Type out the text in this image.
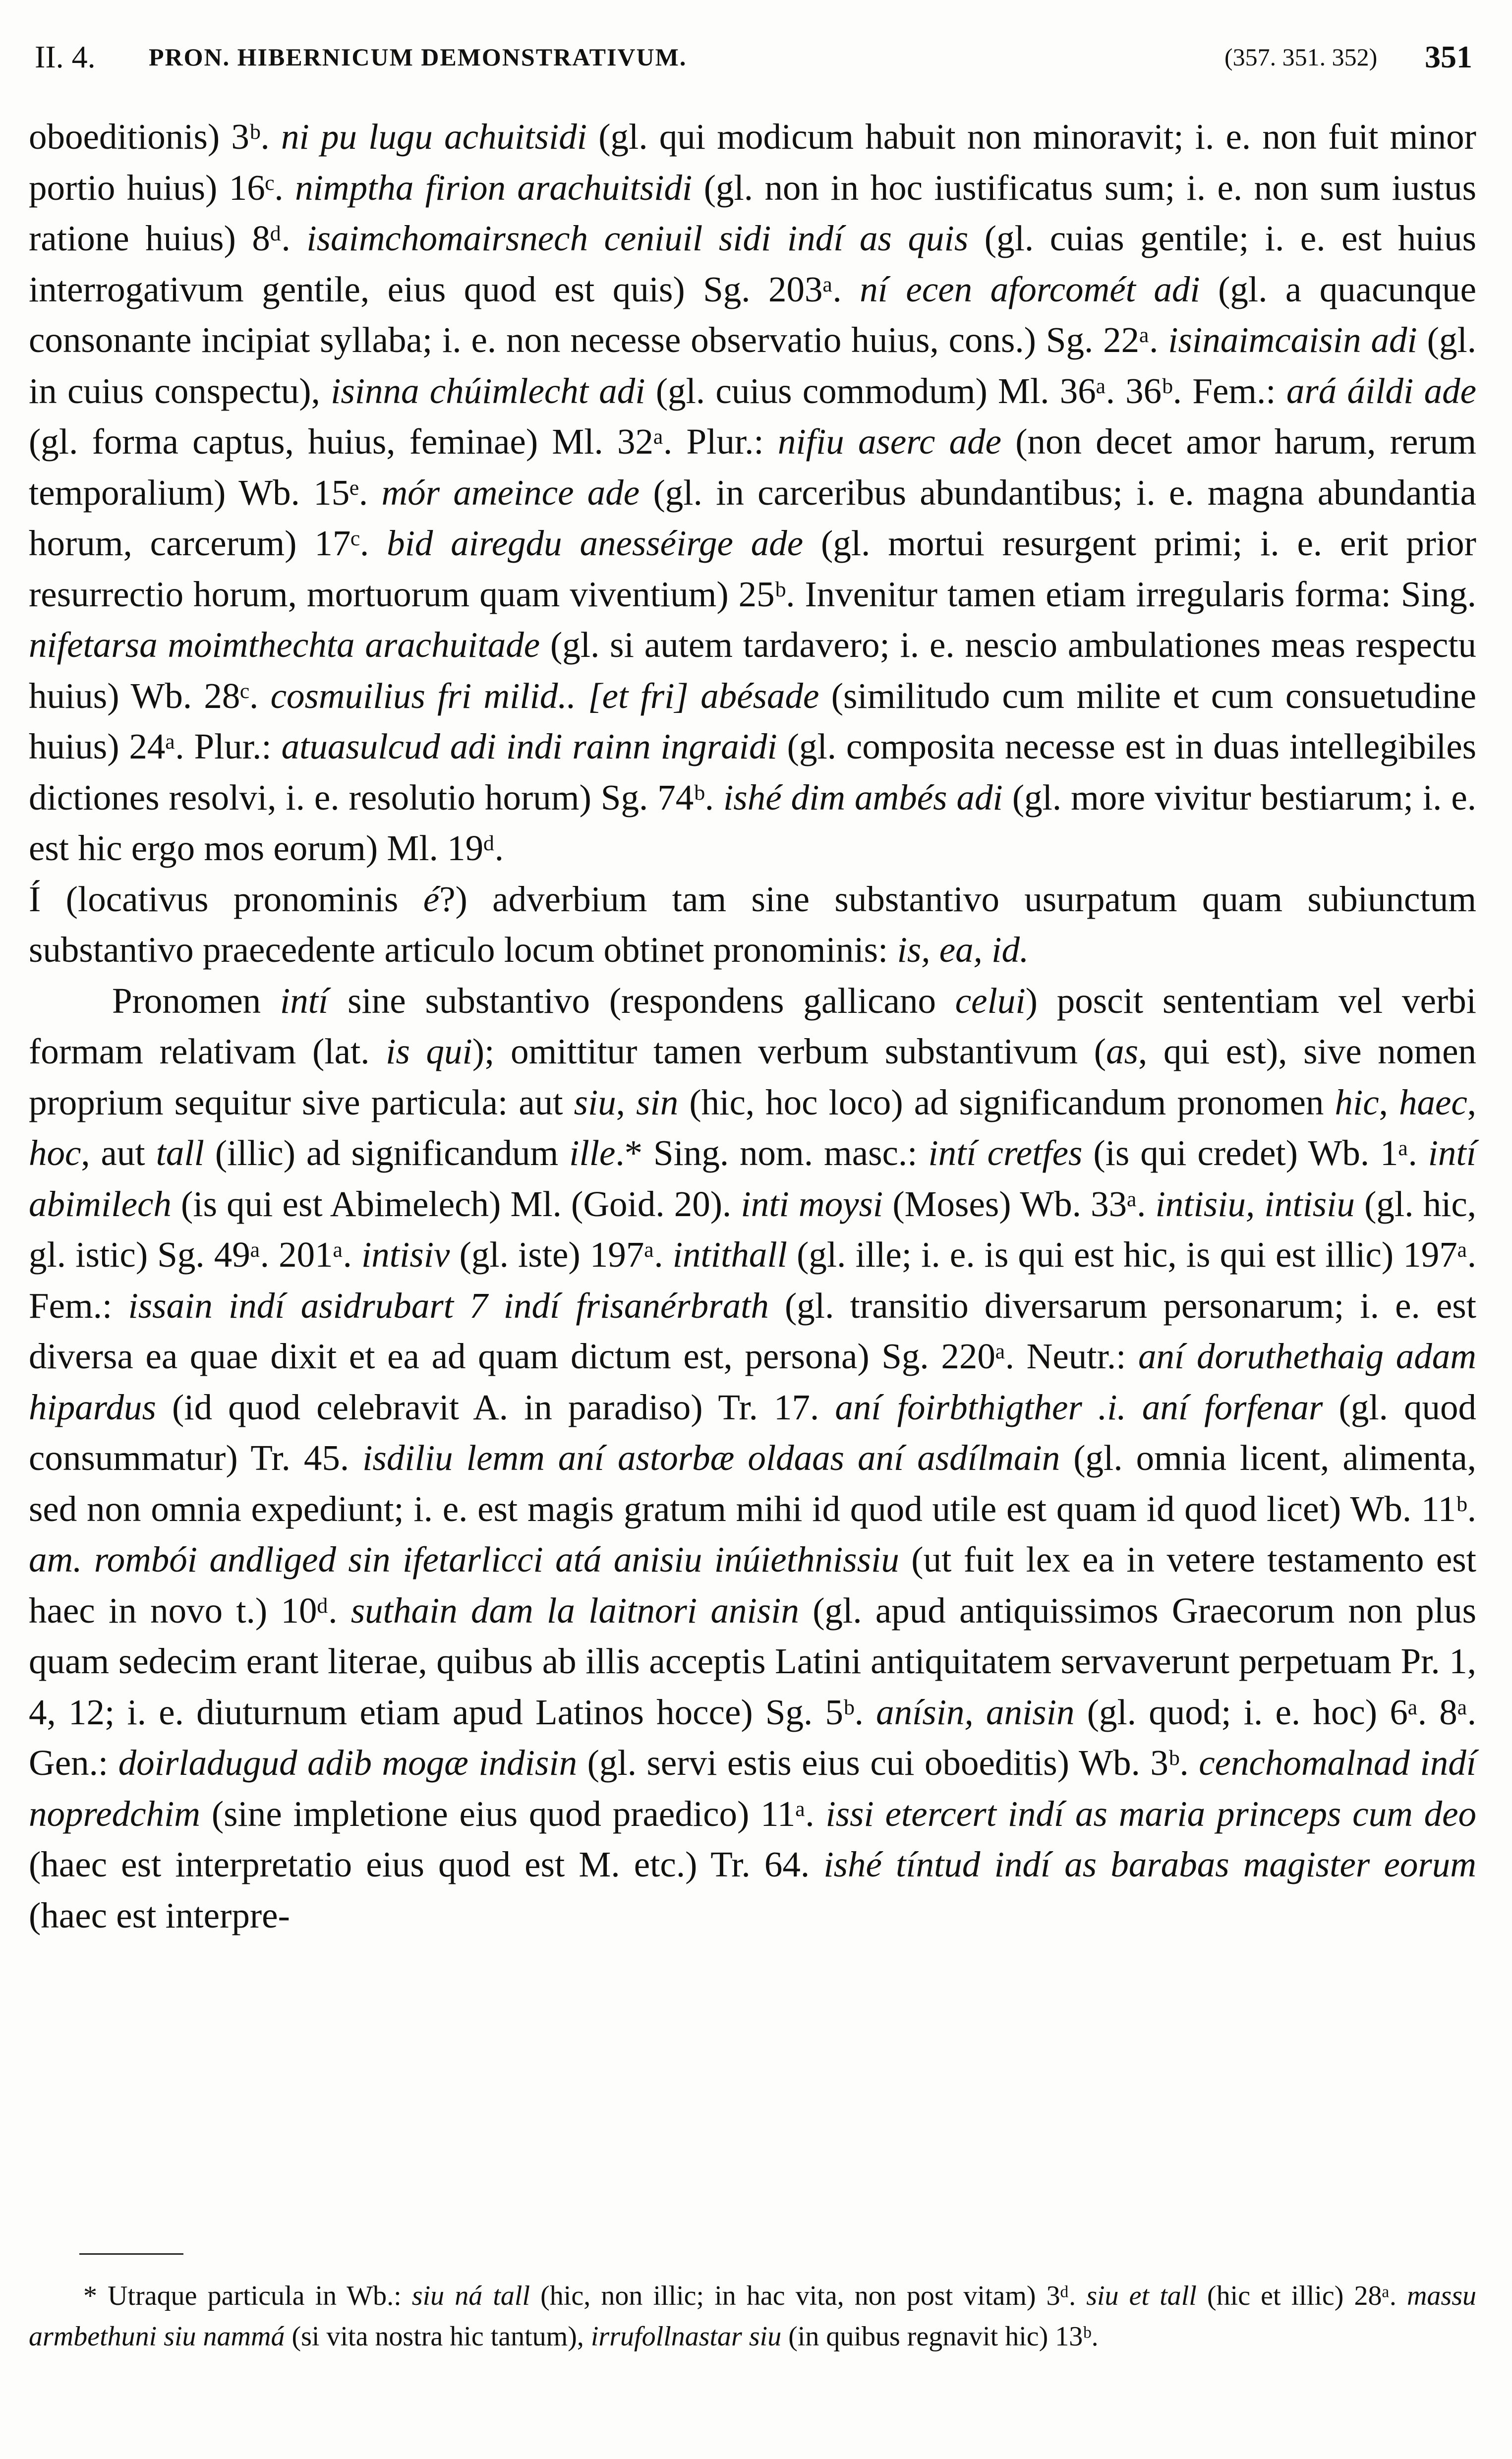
II. 4. PRON. HIBERNICUM DEMONSTRATIVUM.	(357. 351. 352) 351

oboeditionis) 3ᵇ. ni pu lugu achuitsidi (gl. qui modicum habuit non minoravit; i. e. non fuit minor portio huius) 16ᶜ. nimptha firion arachuitsidi (gl. non in hoc iustificatus sum; i. e. non sum iustus ratione huius) 8ᵈ. isaimchomairsnech ceniuil sidi indí as quis (gl. cuias gentile; i. e. est huius interrogativum gentile, eius quod est quis) Sg. 203ᵃ. ní ecen aforcomét adi (gl. a quacunque consonante incipiat syllaba; i. e. non necesse observatio huius, cons.) Sg. 22ᵃ. isinaimcaisin adi (gl. in cuius conspectu), isinna chúimlecht adi (gl. cuius commodum) Ml. 36ᵃ. 36ᵇ. Fem.: ará áildi ade (gl. forma captus, huius, feminae) Ml. 32ᵃ. Plur.: nifiu aserc ade (non decet amor harum, rerum temporalium) Wb. 15ᵉ. mór ameince ade (gl. in carceribus abundantibus; i. e. magna abundantia horum, carcerum) 17ᶜ. bid airegdu anesséirge ade (gl. mortui resurgent primi; i. e. erit prior resurrectio horum, mortuorum quam viventium) 25ᵇ. Invenitur tamen etiam irregularis forma: Sing. nifetarsa moimthechta arachuitade (gl. si autem tardavero; i. e. nescio ambulationes meas respectu huius) Wb. 28ᶜ. cosmuilius fri milid.. [et fri] abésade (similitudo cum milite et cum consuetudine huius) 24ᵃ. Plur.: atuasulcud adi indi rainn ingraidi (gl. composita necesse est in duas intellegibiles dictiones resolvi, i. e. resolutio horum) Sg. 74ᵇ. ishé dim ambés adi (gl. more vivitur bestiarum; i. e. est hic ergo mos eorum) Ml. 19ᵈ.

Í (locativus pronominis é?) adverbium tam sine substantivo usurpatum quam subiunctum substantivo praecedente articulo locum obtinet pronominis: is, ea, id.

Pronomen intí sine substantivo (respondens gallicano celui) poscit sententiam vel verbi formam relativam (lat. is qui); omittitur tamen verbum substantivum (as, qui est), sive nomen proprium sequitur sive particula: aut siu, sin (hic, hoc loco) ad significandum pronomen hic, haec, hoc, aut tall (illic) ad significandum ille.* Sing. nom. masc.: intí cretfes (is qui credet) Wb. 1ᵃ. intí abimilech (is qui est Abimelech) Ml. (Goid. 20). inti moysi (Moses) Wb. 33ᵃ. intisiu, intisiu (gl. hic, gl. istic) Sg. 49ᵃ. 201ᵃ. intisiv (gl. iste) 197ᵃ. intithall (gl. ille; i. e. is qui est hic, is qui est illic) 197ᵃ. Fem.: issain indí asidrubart 7 indí frisanérbrath (gl. transitio diversarum personarum; i. e. est diversa ea quae dixit et ea ad quam dictum est, persona) Sg. 220ᵃ. Neutr.: aní doruthethaig adam hipardus (id quod celebravit A. in paradiso) Tr. 17. aní foirbthigther .i. aní forfenar (gl. quod consummatur) Tr. 45. isdiliu lemm aní astorbæ oldaas aní asdílmain (gl. omnia licent, alimenta, sed non omnia expediunt; i. e. est magis gratum mihi id quod utile est quam id quod licet) Wb. 11ᵇ. am. rombói andliged sin ifetarlicci atá anisiu inúiethnissiu (ut fuit lex ea in vetere testamento est haec in novo t.) 10ᵈ. suthain dam la laitnori anisin (gl. apud antiquissimos Graecorum non plus quam sedecim erant literae, quibus ab illis acceptis Latini antiquitatem servaverunt perpetuam Pr. 1, 4, 12; i. e. diuturnum etiam apud Latinos hocce) Sg. 5ᵇ. anísin, anisin (gl. quod; i. e. hoc) 6ᵃ. 8ᵃ. Gen.: doirladugud adib mogæ indisin (gl. servi estis eius cui oboeditis) Wb. 3ᵇ. cenchomalnad indí nopredchim (sine impletione eius quod praedico) 11ᵃ. issi etercert indí as maria princeps cum deo (haec est interpretatio eius quod est M. etc.) Tr. 64. ishé tíntud indí as barabas magister eorum (haec est interpre-

* Utraque particula in Wb.: siu ná tall (hic, non illic; in hac vita, non post vitam) 3ᵈ. siu et tall (hic et illic) 28ᵃ. massu armbethuni siu nammá (si vita nostra hic tantum), irrufollnastar siu (in quibus regnavit hic) 13ᵇ.
